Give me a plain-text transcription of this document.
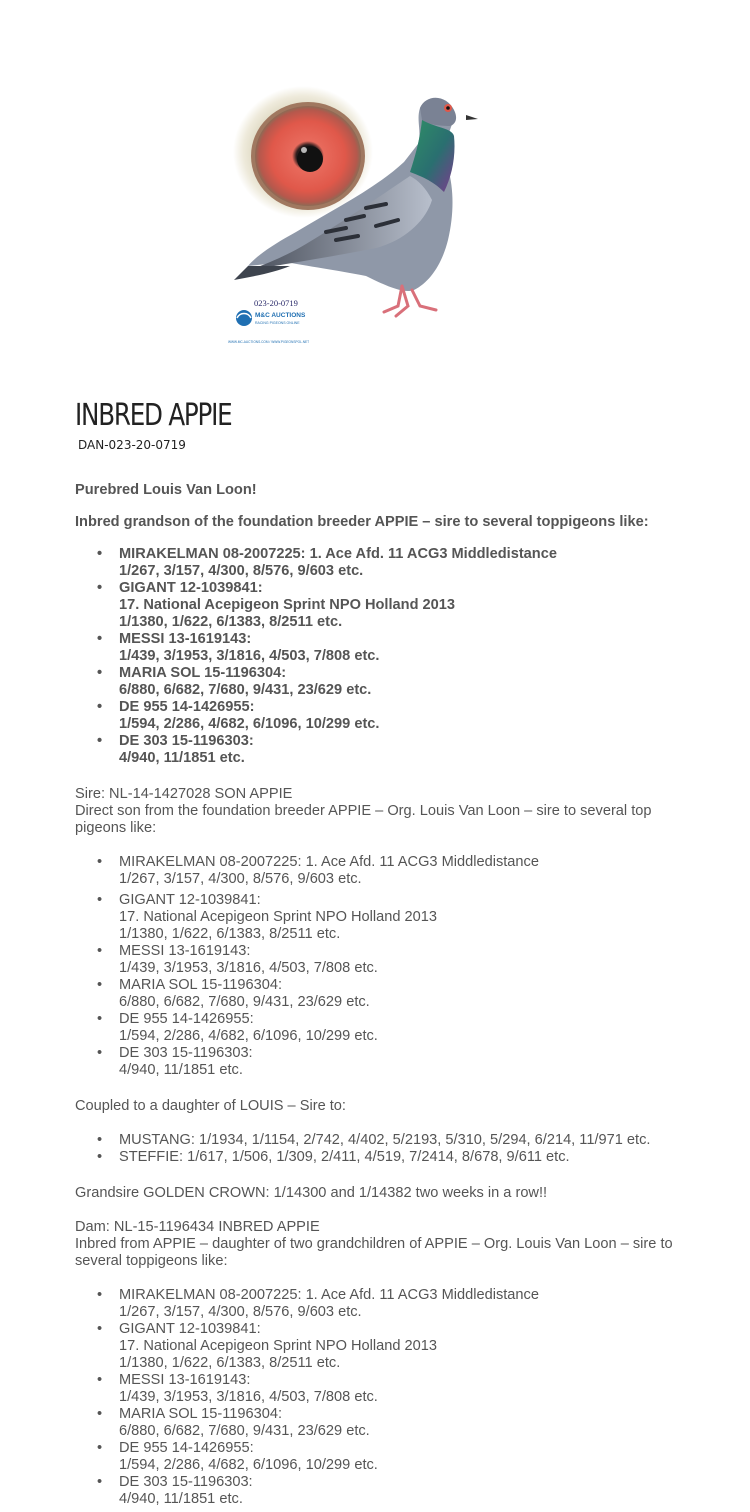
023-20-0719
M&C AUCTIONS
RACING PIGEONS ONLINE
WWW.MC-AUCTIONS.COM / WWW.PIGEONSPOL.NET
INBRED APPIE
DAN-023-20-0719

Purebred Louis Van Loon!

Inbred grandson of the foundation breeder APPIE – sire to several toppigeons like:

• MIRAKELMAN 08-2007225: 1. Ace Afd. 11 ACG3 Middledistance
1/267, 3/157, 4/300, 8/576, 9/603 etc.
• GIGANT 12-1039841:
17. National Acepigeon Sprint NPO Holland 2013
1/1380, 1/622, 6/1383, 8/2511 etc.
• MESSI 13-1619143:
1/439, 3/1953, 3/1816, 4/503, 7/808 etc.
• MARIA SOL 15-1196304:
6/880, 6/682, 7/680, 9/431, 23/629 etc.
• DE 955 14-1426955:
1/594, 2/286, 4/682, 6/1096, 10/299 etc.
• DE 303 15-1196303:
4/940, 11/1851 etc.

Sire: NL-14-1427028 SON APPIE

Direct son from the foundation breeder APPIE – Org. Louis Van Loon – sire to several top pigeons like:

• MIRAKELMAN 08-2007225: 1. Ace Afd. 11 ACG3 Middledistance
1/267, 3/157, 4/300, 8/576, 9/603 etc.
• GIGANT 12-1039841:
17. National Acepigeon Sprint NPO Holland 2013
1/1380, 1/622, 6/1383, 8/2511 etc.
• MESSI 13-1619143:
1/439, 3/1953, 3/1816, 4/503, 7/808 etc.
• MARIA SOL 15-1196304:
6/880, 6/682, 7/680, 9/431, 23/629 etc.
• DE 955 14-1426955:
1/594, 2/286, 4/682, 6/1096, 10/299 etc.
• DE 303 15-1196303:
4/940, 11/1851 etc.

Coupled to a daughter of LOUIS – Sire to:

• MUSTANG: 1/1934, 1/1154, 2/742, 4/402, 5/2193, 5/310, 5/294, 6/214, 11/971 etc.
• STEFFIE: 1/617, 1/506, 1/309, 2/411, 4/519, 7/2414, 8/678, 9/611 etc.

Grandsire GOLDEN CROWN: 1/14300 and 1/14382 two weeks in a row!!

Dam: NL-15-1196434 INBRED APPIE

Inbred from APPIE – daughter of two grandchildren of APPIE – Org. Louis Van Loon – sire to several toppigeons like:

• MIRAKELMAN 08-2007225: 1. Ace Afd. 11 ACG3 Middledistance
1/267, 3/157, 4/300, 8/576, 9/603 etc.
• GIGANT 12-1039841:
17. National Acepigeon Sprint NPO Holland 2013
1/1380, 1/622, 6/1383, 8/2511 etc.
• MESSI 13-1619143:
1/439, 3/1953, 3/1816, 4/503, 7/808 etc.
• MARIA SOL 15-1196304:
6/880, 6/682, 7/680, 9/431, 23/629 etc.
• DE 955 14-1426955:
1/594, 2/286, 4/682, 6/1096, 10/299 etc.
• DE 303 15-1196303:
4/940, 11/1851 etc.
